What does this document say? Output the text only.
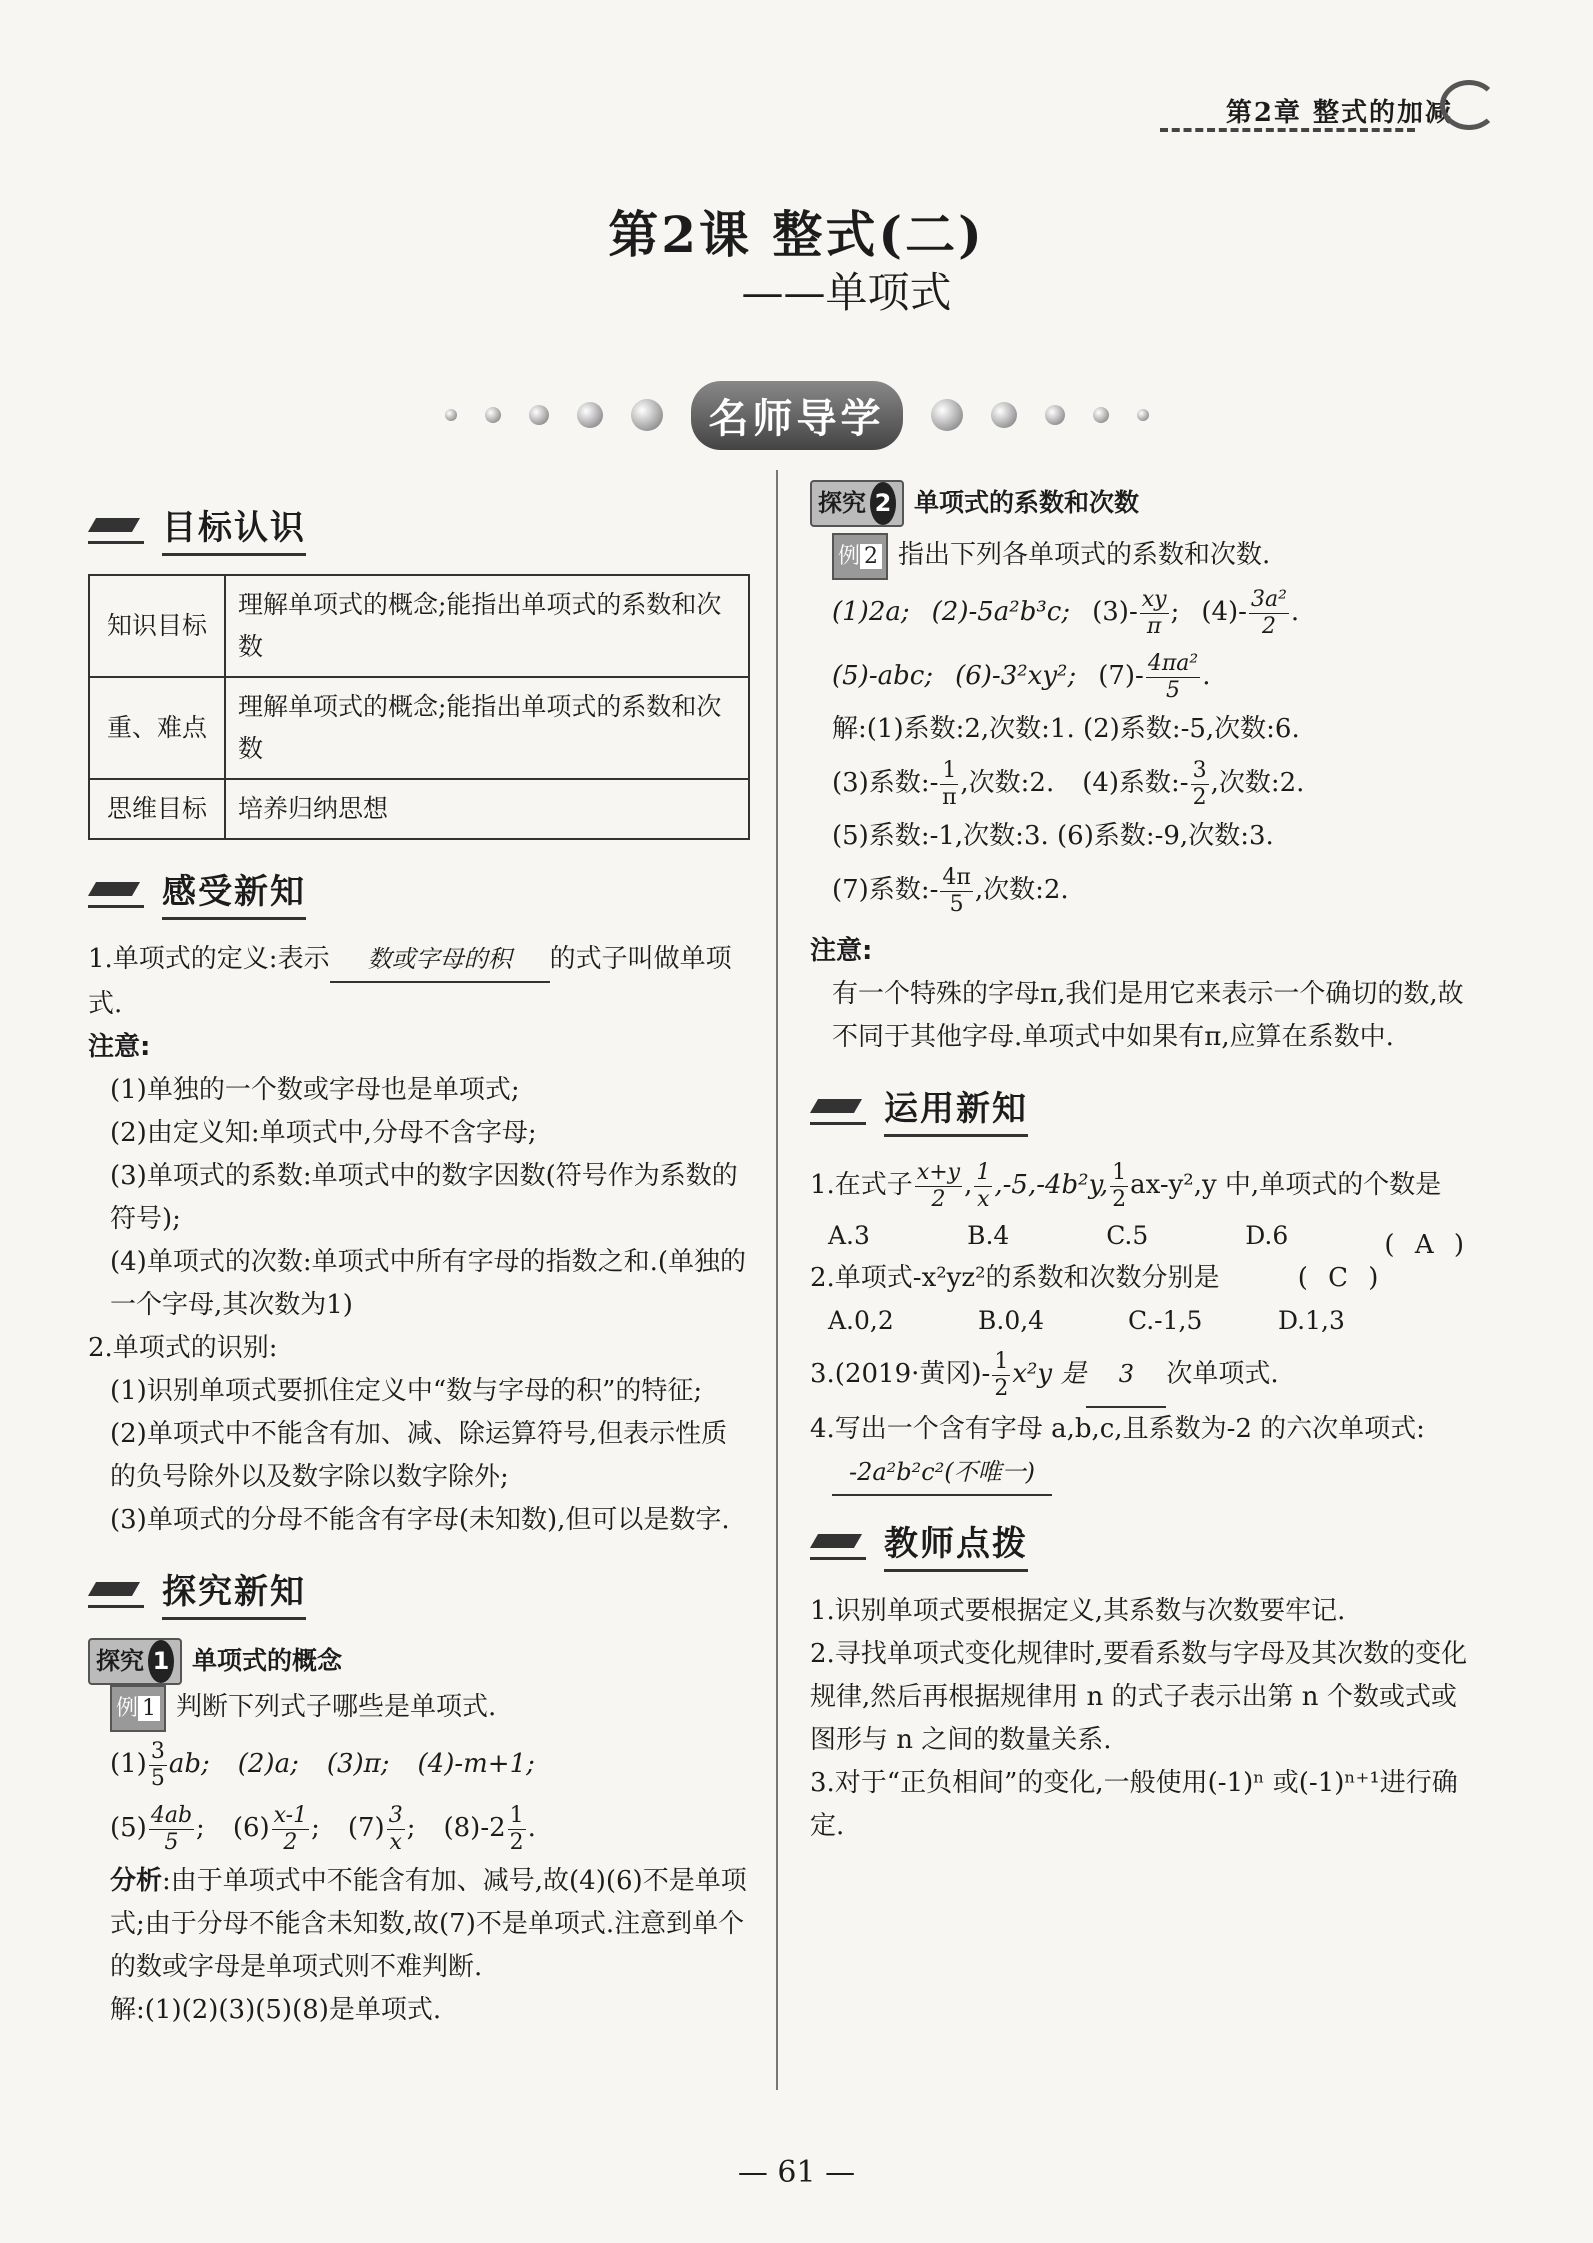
第2章 整式的加减
第2课 整式(二)
——单项式
名师导学
目标认识
知识目标	理解单项式的概念;能指出单项式的系数和次数
重、难点	理解单项式的概念;能指出单项式的系数和次数
思维目标	培养归纳思想
感受新知

1.单项式的定义:表示 数或字母的积 的式子叫做单项式.

注意:

(1)单独的一个数或字母也是单项式;

(2)由定义知:单项式中,分母不含字母;

(3)单项式的系数:单项式中的数字因数(符号作为系数的符号);

(4)单项式的次数:单项式中所有字母的指数之和.(单独的一个字母,其次数为1)

2.单项式的识别:

(1)识别单项式要抓住定义中“数与字母的积”的特征;

(2)单项式中不能含有加、减、除运算符号,但表示性质的负号除外以及数字除以数字除外;

(3)单项式的分母不能含有字母(未知数),但可以是数字.

探究新知

探究 1 单项式的概念

例 1 判断下列式子哪些是单项式.

$(1) \frac{3}{5}$ ab; (2)a; (3)π; (4)-m+1;
$(5) \frac{4ab}{5}$ ; $(6) \frac{x-1}{2}$ ; $(7) \frac{3}{x}$ ; $(8)-2 \frac{1}{2}$ .

分析:由于单项式中不能含有加、减号,故(4)(6)不是单项式;由于分母不能含未知数,故(7)不是单项式.注意到单个的数或字母是单项式则不难判断.

解:(1)(2)(3)(5)(8)是单项式.

探究 2 单项式的系数和次数

例 2 指出下列各单项式的系数和次数.

(1)2a; (2)-5a²b³c; $(3)- \frac{xy}{\pi}$ ; $(4)- \frac{\text{3a²}}{2}$ .
(5)-abc; (6)-3²xy²; $(7)- \frac{\text{4πa²}}{5}$ .

解:(1)系数:2,次数:1. (2)系数:-5,次数:6.

(3)系数:- $\frac{1}{\pi}$ ,次数:2. (4)系数:- $\frac{3}{2}$ ,次数:2.

(5)系数:-1,次数:3. (6)系数:-9,次数:3.

(7)系数:- $\frac{4\pi}{5}$ ,次数:2.

注意:

有一个特殊的字母π,我们是用它来表示一个确切的数,故不同于其他字母.单项式中如果有π,应算在系数中.

运用新知

1.在式子 $\frac{x+y}{2}$ , $\frac{1}{x} ,-5,-4b^2y$, $\frac{1}{2} ax-y^2,y$ 中,单项式的个数是
( A )

A.3	B.4	C.5	D.6

2.单项式-x²yz²的系数和次数分别是	( C )

A.0,2	B.0,4	C.-1,5	D.1,3

3.(2019·黄冈)- $\frac{1}{2} x^2y$ 是 3 次单项式.

4.写出一个含有字母 a,b,c,且系数为-2 的六次单项式:

-2a²b²c²(不唯一)

教师点拨

1.识别单项式要根据定义,其系数与次数要牢记.

2.寻找单项式变化规律时,要看系数与字母及其次数的变化规律,然后再根据规律用 n 的式子表示出第 n 个数或式或图形与 n 之间的数量关系.

3.对于“正负相间”的变化,一般使用(-1)ⁿ 或(-1)ⁿ⁺¹进行确定.

— 61 —
